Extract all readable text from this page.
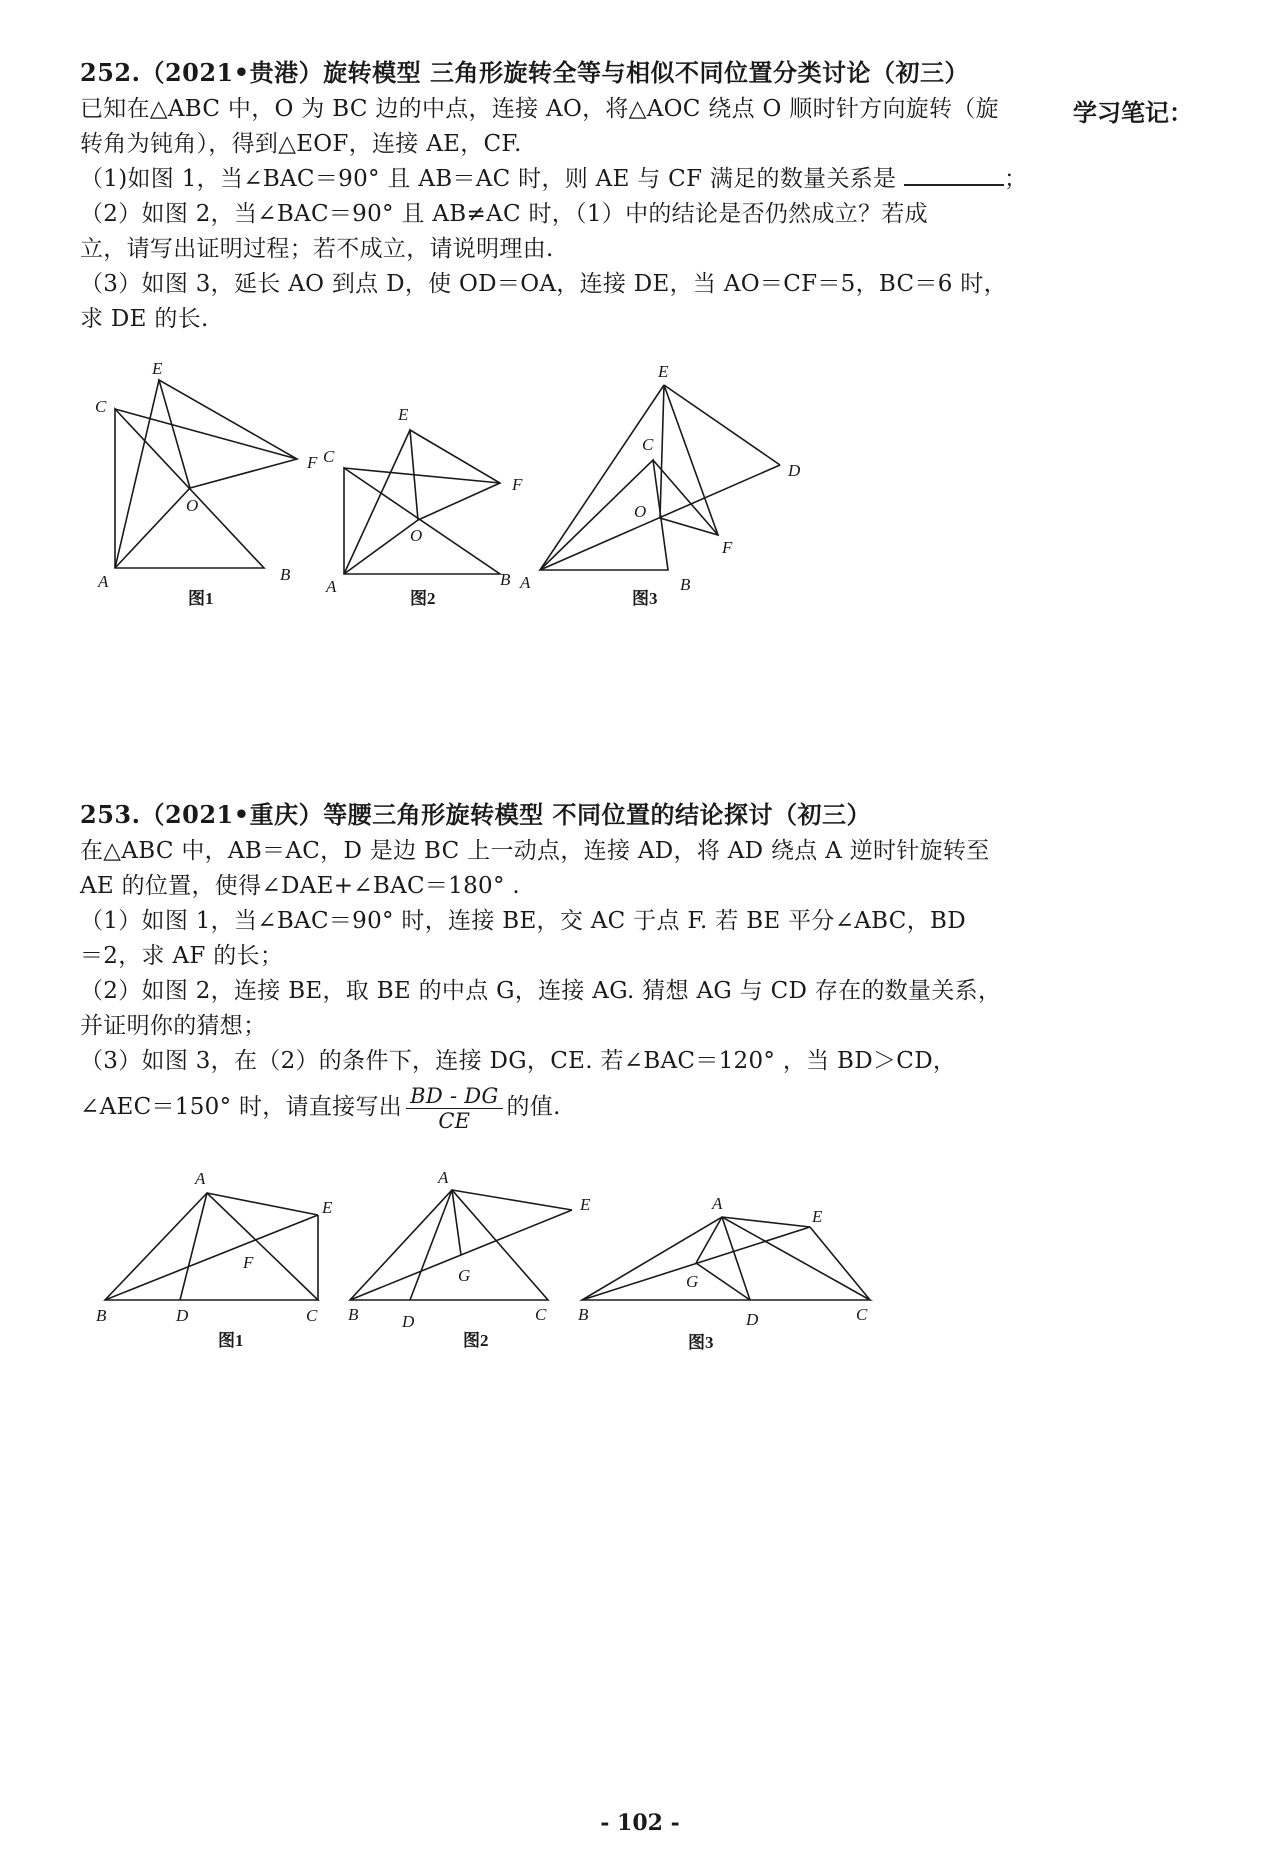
学习笔记：
252.（2021•贵港）旋转模型 三角形旋转全等与相似不同位置分类讨论（初三）
已知在△ABC 中，O 为 BC 边的中点，连接 AO，将△AOC 绕点 O 顺时针方向旋转（旋
转角为钝角），得到△EOF，连接 AE，CF.
（1)如图 1，当∠BAC＝90° 且 AB＝AC 时，则 AE 与 CF 满足的数量关系是	；
（2）如图 2，当∠BAC＝90° 且 AB≠AC 时，（1）中的结论是否仍然成立？若成
立，请写出证明过程；若不成立，请说明理由.
（3）如图 3，延长 AO 到点 D，使 OD＝OA，连接 DE，当 AO＝CF＝5，BC＝6 时，
求 DE 的长.
E
C
F
O
A	B
图1
E
C
F
O
A	B
图2
E
C
D
O
F
A	B
图3
253.（2021•重庆）等腰三角形旋转模型 不同位置的结论探讨（初三）
在△ABC 中，AB＝AC，D 是边 BC 上一动点，连接 AD，将 AD 绕点 A 逆时针旋转至
AE 的位置，使得∠DAE+∠BAC＝180° .
（1）如图 1，当∠BAC＝90° 时，连接 BE，交 AC 于点 F. 若 BE 平分∠ABC，BD
＝2，求 AF 的长；
（2）如图 2，连接 BE，取 BE 的中点 G，连接 AG. 猜想 AG 与 CD 存在的数量关系，
并证明你的猜想；
（3）如图 3，在（2）的条件下，连接 DG，CE. 若∠BAC＝120° ，当 BD＞CD，
∠AEC＝150° 时，请直接写出 $\frac{BD - DG}{CE}$ 的值.
A
E
F
B	D	C
图1
A
E
G
B	D	C
图2
A
E
G
B	D	C
图3
- 102 -
